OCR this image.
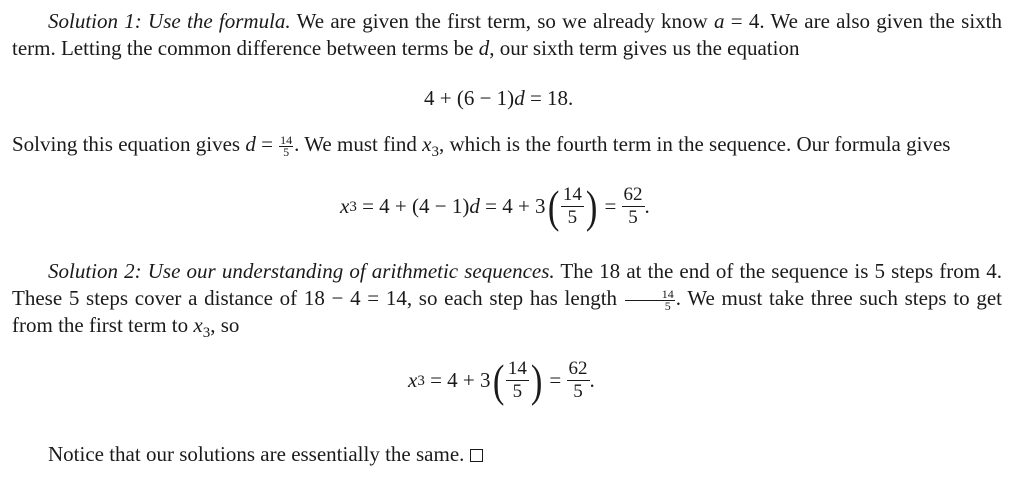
Solution 1: Use the formula. We are given the first term, so we already know a = 4. We are also given the sixth term. Letting the common difference between terms be d, our sixth term gives us the equation

4 + (6 − 1)d = 18.

Solving this equation gives $d = \frac{14}{5}$ . We must find $x_3$, which is the fourth term in the sequence. Our formula gives

x 3 = 4 + (4 − 1) d = 4 + 3 ( $\frac{14}{5}$ ) = $\frac{62}{5}$ .

Solution 2: Use our understanding of arithmetic sequences. The 18 at the end of the sequence is 5 steps from 4. These 5 steps cover a distance of 18 − 4 = 14, so each step has length $\frac{14}{5}$ . We must take three such steps to get from the first term to $x_3$, so

x 3 = 4 + 3 ( $\frac{14}{5}$ ) = $\frac{62}{5}$ .

Notice that our solutions are essentially the same.
